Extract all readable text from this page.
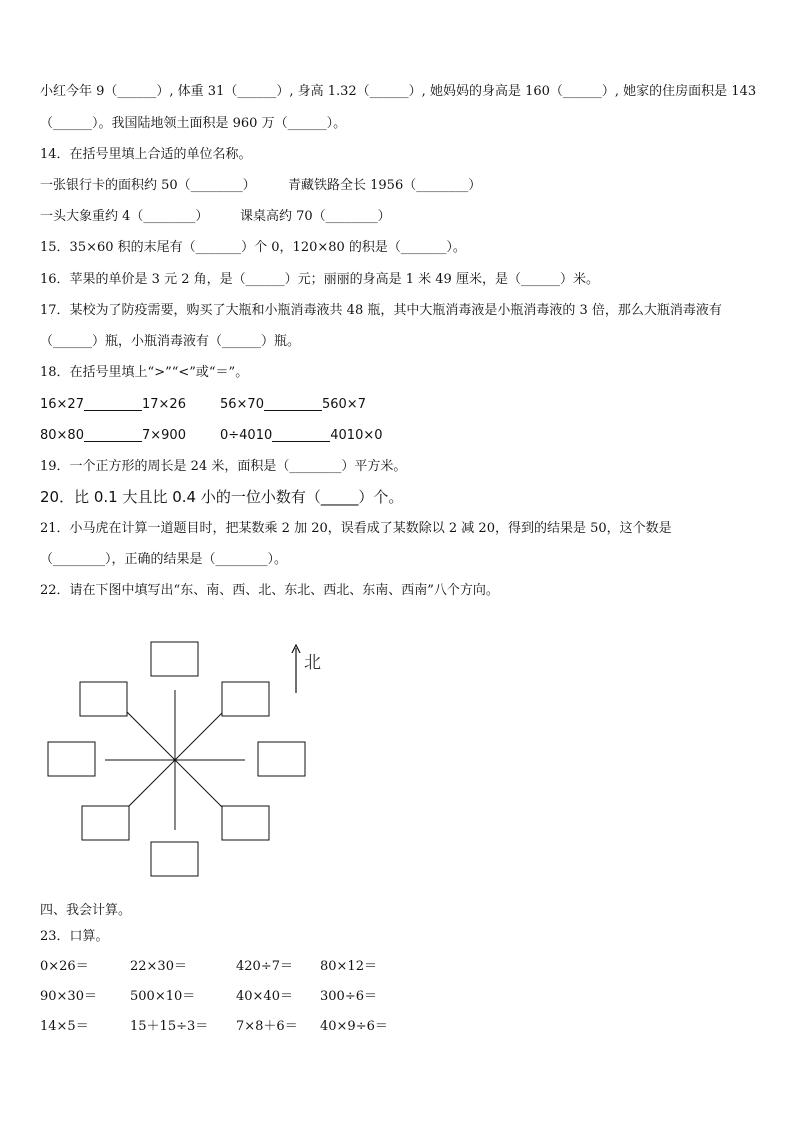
小红今年 9（______）, 体重 31（______）, 身高 1.32（______）, 她妈妈的身高是 160（______）, 她家的住房面积是 143
（______）。我国陆地领土面积是 960 万（______）。
14．在括号里填上合适的单位名称。
一张银行卡的面积约 50（________） 青藏铁路全长 1956（________）
一头大象重约 4（________） 课桌高约 70（________）
15．35×60 积的末尾有（_______）个 0，120×80 的积是（_______）。
16．苹果的单价是 3 元 2 角，是（______）元；丽丽的身高是 1 米 49 厘米，是（______）米。
17．某校为了防疫需要，购买了大瓶和小瓶消毒液共 48 瓶，其中大瓶消毒液是小瓶消毒液的 3 倍，那么大瓶消毒液有
（______）瓶，小瓶消毒液有（______）瓶。
18．在括号里填上“>”“<”或“＝”。
16×27	17×26	56×70	560×7
80×80	7×900	0÷4010	4010×0
19．一个正方形的周长是 24 米，面积是（________）平方米。
20．比 0.1 大且比 0.4 小的一位小数有（_____）个。
21．小马虎在计算一道题目时，把某数乘 2 加 20，误看成了某数除以 2 减 20，得到的结果是 50，这个数是
（________），正确的结果是（________）。
22．请在下图中填写出“东、南、西、北、东北、西北、东南、西南”八个方向。
北
四、我会计算。
23．口算。
0×26＝	22×30＝	420÷7＝ 80×12＝
90×30＝	500×10＝	40×40＝ 300÷6＝
14×5＝	15＋15÷3＝ 7×8＋6＝ 40×9÷6＝
